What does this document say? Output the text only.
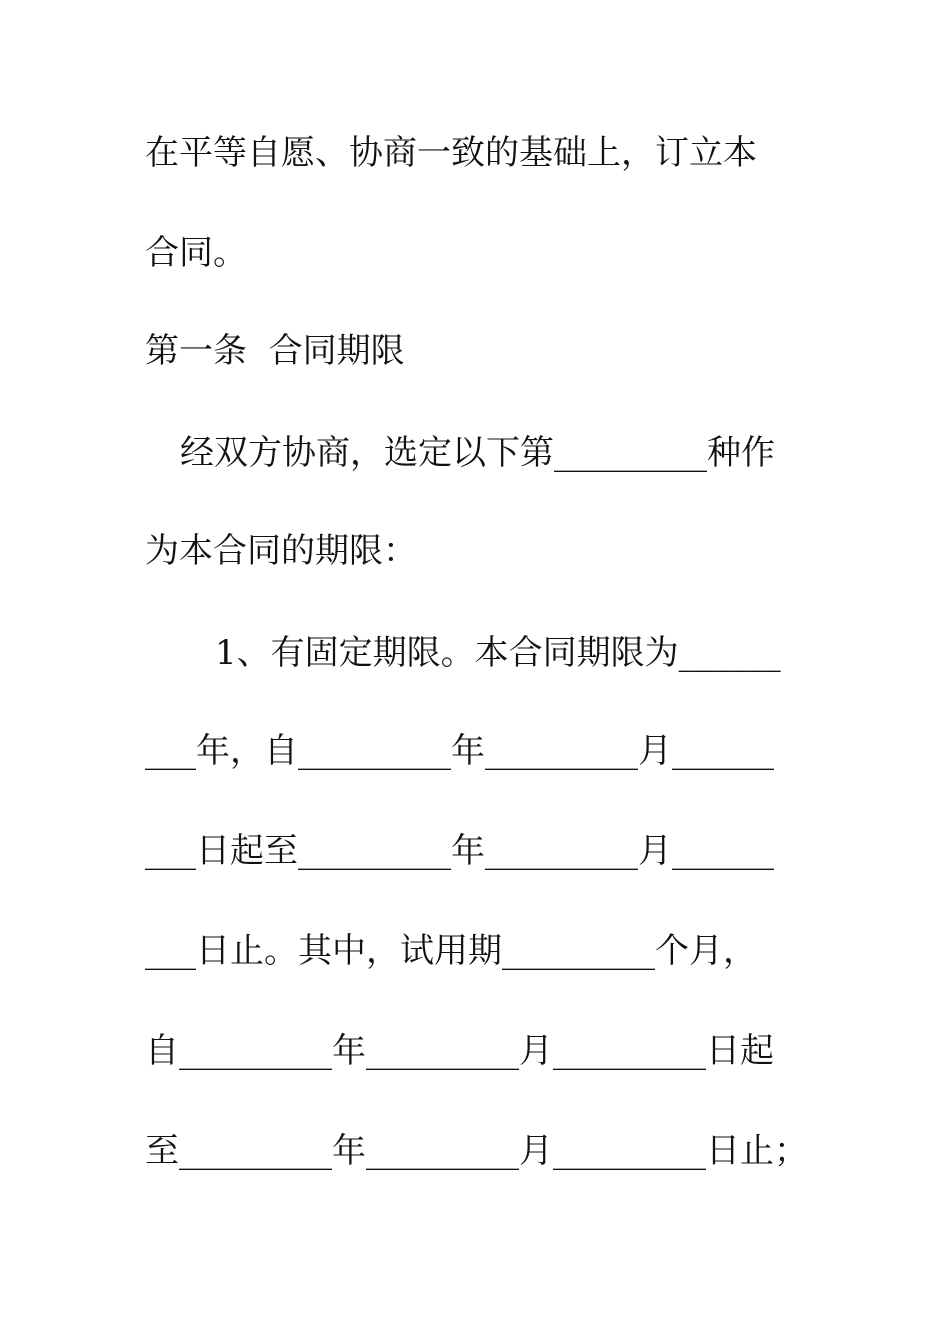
在平等自愿、协商一致的基础上，订立本
合同。
第一条  合同期限
经双方协商，选定以下第_________种作
为本合同的期限：
1、有固定期限。本合同期限为______
___年，自_________年_________月______
___日起至_________年_________月______
___日止。其中，试用期_________个月，
自_________年_________月_________日起
至_________年_________月_________日止；
